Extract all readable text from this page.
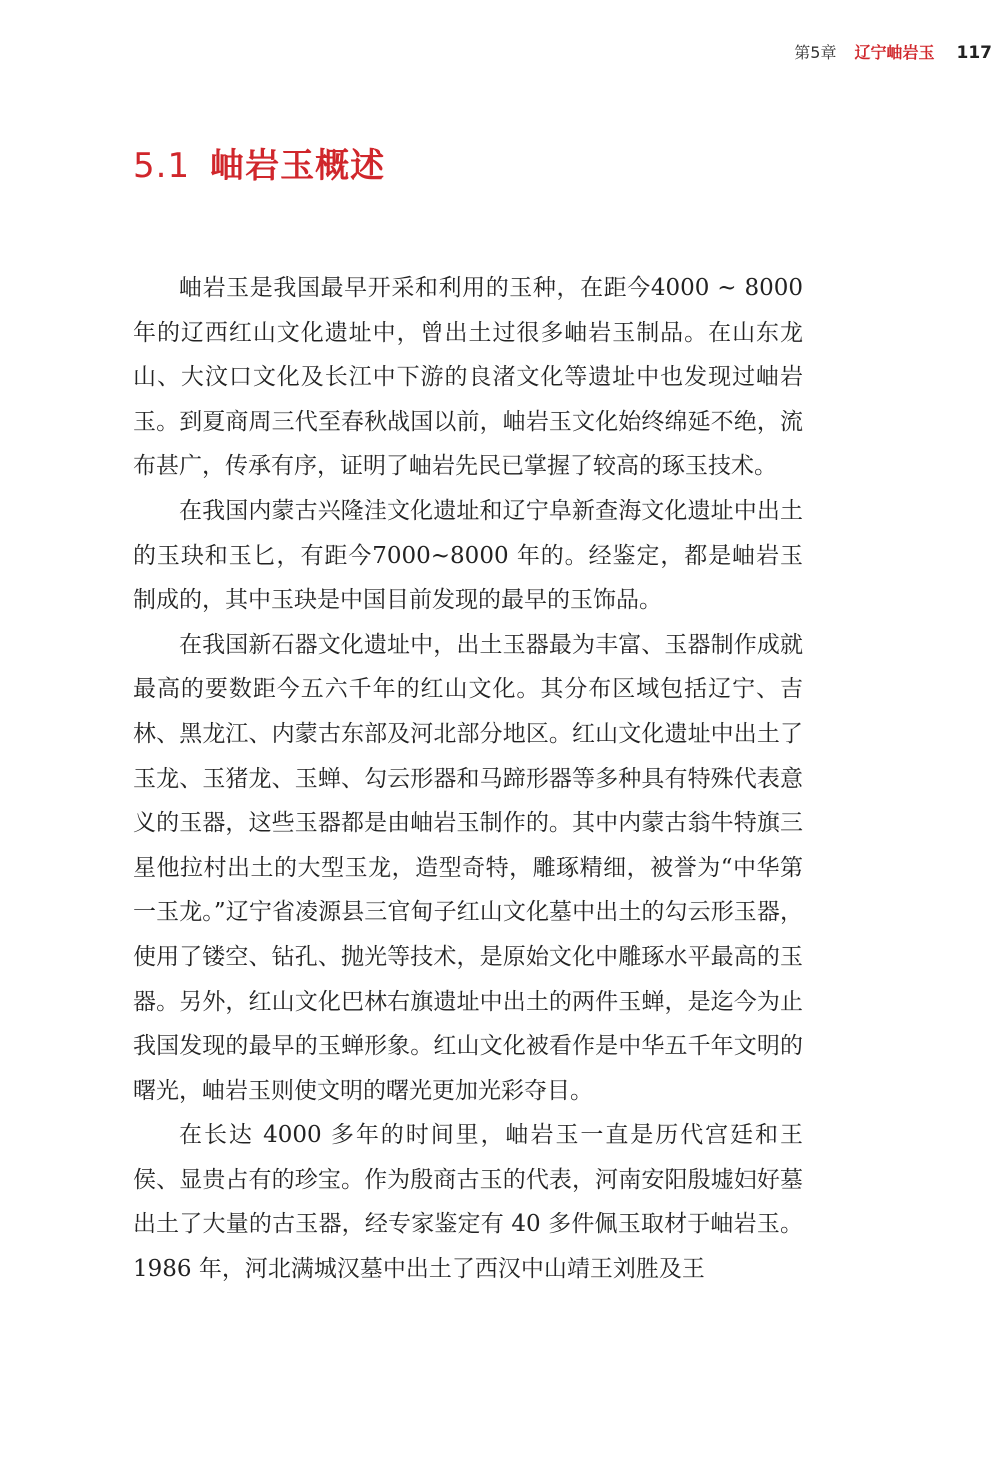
第5章 辽宁岫岩玉 117
5.1 岫岩玉概述

岫岩玉是我国最早开采和利用的玉种，在距今4000 ~ 8000 年的辽西红山文化遗址中，曾出土过很多岫岩玉制品。在山东龙山、大汶口文化及长江中下游的良渚文化等遗址中也发现过岫岩玉。到夏商周三代至春秋战国以前，岫岩玉文化始终绵延不绝，流布甚广，传承有序，证明了岫岩先民已掌握了较高的琢玉技术。

在我国内蒙古兴隆洼文化遗址和辽宁阜新查海文化遗址中出土的玉玦和玉匕，有距今7000~8000 年的。经鉴定，都是岫岩玉制成的，其中玉玦是中国目前发现的最早的玉饰品。

在我国新石器文化遗址中，出土玉器最为丰富、玉器制作成就最高的要数距今五六千年的红山文化。其分布区域包括辽宁、吉林、黑龙江、内蒙古东部及河北部分地区。红山文化遗址中出土了玉龙、玉猪龙、玉蝉、勾云形器和马蹄形器等多种具有特殊代表意义的玉器，这些玉器都是由岫岩玉制作的。其中内蒙古翁牛特旗三星他拉村出土的大型玉龙，造型奇特，雕琢精细，被誉为“中华第一玉龙。”辽宁省凌源县三官甸子红山文化墓中出土的勾云形玉器，使用了镂空、钻孔、抛光等技术，是原始文化中雕琢水平最高的玉器。另外，红山文化巴林右旗遗址中出土的两件玉蝉，是迄今为止我国发现的最早的玉蝉形象。红山文化被看作是中华五千年文明的曙光，岫岩玉则使文明的曙光更加光彩夺目。

在长达 4000 多年的时间里，岫岩玉一直是历代宫廷和王侯、显贵占有的珍宝。作为殷商古玉的代表，河南安阳殷墟妇好墓出土了大量的古玉器，经专家鉴定有 40 多件佩玉取材于岫岩玉。1986 年，河北满城汉墓中出土了西汉中山靖王刘胜及王
